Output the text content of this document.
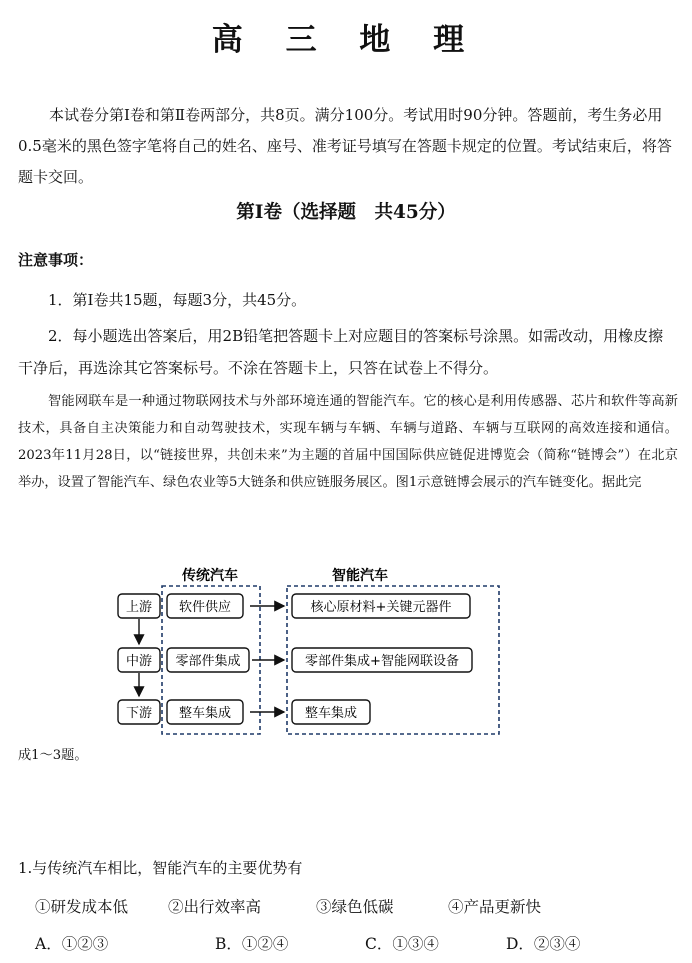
高 三 地 理

本试卷分第Ⅰ卷和第Ⅱ卷两部分，共8页。满分100分。考试用时90分钟。答题前，考生务必用0.5毫米的黑色签字笔将自己的姓名、座号、准考证号填写在答题卡规定的位置。考试结束后，将答题卡交回。

第Ⅰ卷（选择题　共45分）
注意事项：

1．第Ⅰ卷共15题，每题3分，共45分。

2．每小题选出答案后，用2B铅笔把答题卡上对应题目的答案标号涂黑。如需改动，用橡皮擦干净后，再选涂其它答案标号。不涂在答题卡上，只答在试卷上不得分。

智能网联车是一种通过物联网技术与外部环境连通的智能汽车。它的核心是利用传感器、芯片和软件等高新技术，具备自主决策能力和自动驾驶技术，实现车辆与车辆、车辆与道路、车辆与互联网的高效连接和通信。2023年11月28日，以“链接世界，共创未来”为主题的首届中国国际供应链促进博览会（简称“链博会”）在北京举办，设置了智能汽车、绿色农业等5大链条和供应链服务展区。图1示意链博会展示的汽车链变化。据此完

传统汽车	智能汽车
上游
中游
下游
软件供应
零部件集成
整车集成
核心原材料+关键元器件
零部件集成+智能网联设备
整车集成
成1～3题。
1.与传统汽车相比，智能汽车的主要优势有
①研发成本低	②出行效率高	③绿色低碳	④产品更新快
A．①②③	B．①②④	C．①③④	D．②③④
